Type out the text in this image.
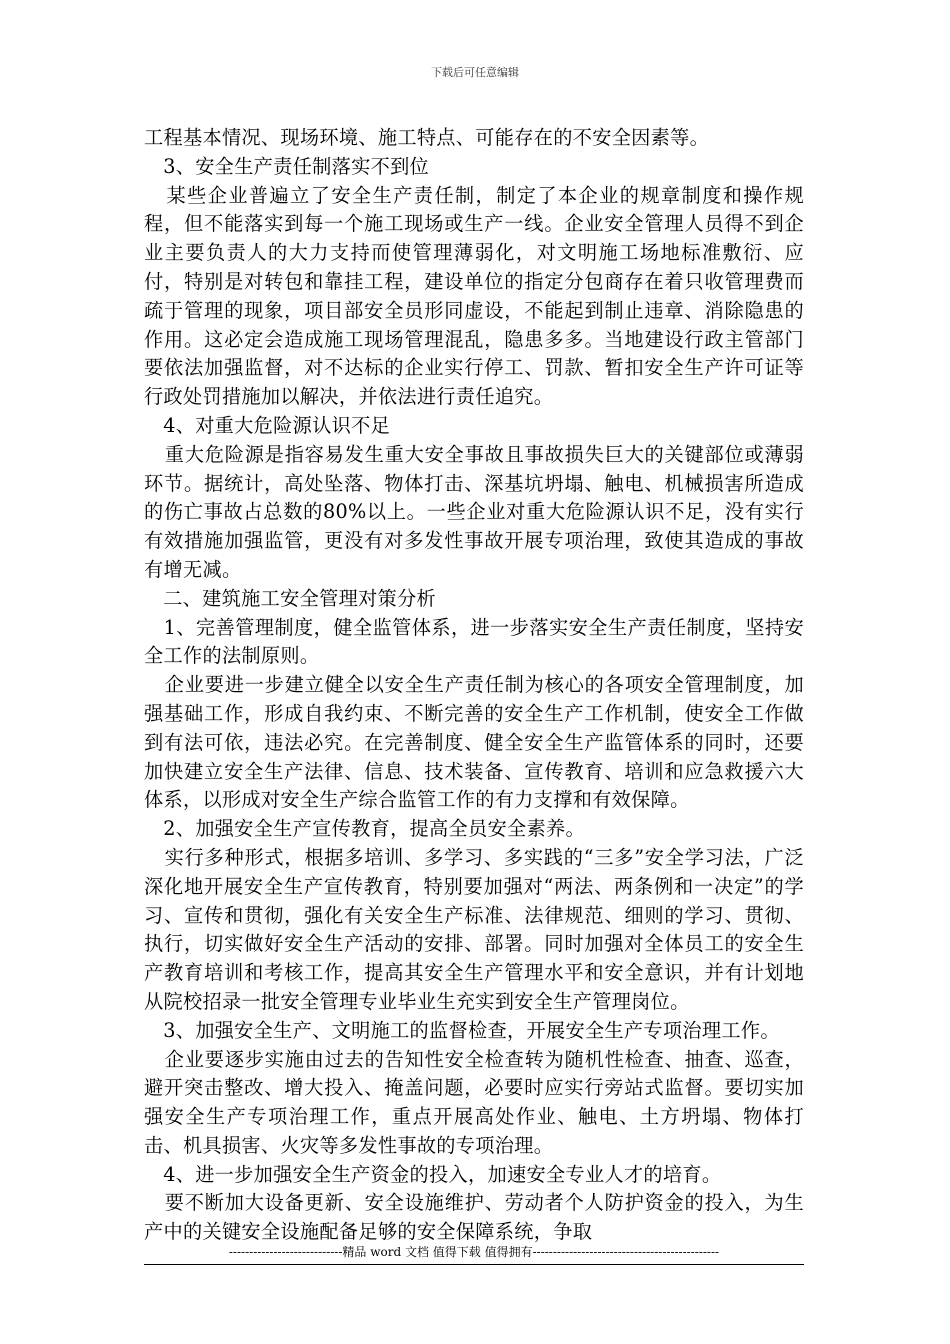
下载后可任意编辑

工程基本情况、现场环境、施工特点、可能存在的不安全因素等。

3、安全生产责任制落实不到位

某些企业普遍立了安全生产责任制，制定了本企业的规章制度和操作规程，但不能落实到每一个施工现场或生产一线。企业安全管理人员得不到企业主要负责人的大力支持而使管理薄弱化，对文明施工场地标准敷衍、应付，特别是对转包和靠挂工程，建设单位的指定分包商存在着只收管理费而疏于管理的现象，项目部安全员形同虚设，不能起到制止违章、消除隐患的作用。这必定会造成施工现场管理混乱，隐患多多。当地建设行政主管部门要依法加强监督，对不达标的企业实行停工、罚款、暂扣安全生产许可证等行政处罚措施加以解决，并依法进行责任追究。

4、对重大危险源认识不足

重大危险源是指容易发生重大安全事故且事故损失巨大的关键部位或薄弱环节。据统计，高处坠落、物体打击、深基坑坍塌、触电、机械损害所造成的伤亡事故占总数的80%以上。一些企业对重大危险源认识不足，没有实行有效措施加强监管，更没有对多发性事故开展专项治理，致使其造成的事故有增无减。

二、建筑施工安全管理对策分析

1、完善管理制度，健全监管体系，进一步落实安全生产责任制度，坚持安全工作的法制原则。

企业要进一步建立健全以安全生产责任制为核心的各项安全管理制度，加强基础工作，形成自我约束、不断完善的安全生产工作机制，使安全工作做到有法可依，违法必究。在完善制度、健全安全生产监管体系的同时，还要加快建立安全生产法律、信息、技术装备、宣传教育、培训和应急救援六大体系，以形成对安全生产综合监管工作的有力支撑和有效保障。

2、加强安全生产宣传教育，提高全员安全素养。

实行多种形式，根据多培训、多学习、多实践的“三多”安全学习法，广泛深化地开展安全生产宣传教育，特别要加强对“两法、两条例和一决定”的学习、宣传和贯彻，强化有关安全生产标准、法律规范、细则的学习、贯彻、执行，切实做好安全生产活动的安排、部署。同时加强对全体员工的安全生产教育培训和考核工作，提高其安全生产管理水平和安全意识，并有计划地从院校招录一批安全管理专业毕业生充实到安全生产管理岗位。

3、加强安全生产、文明施工的监督检查，开展安全生产专项治理工作。

企业要逐步实施由过去的告知性安全检查转为随机性检查、抽查、巡查，避开突击整改、增大投入、掩盖问题，必要时应实行旁站式监督。要切实加强安全生产专项治理工作，重点开展高处作业、触电、土方坍塌、物体打击、机具损害、火灾等多发性事故的专项治理。

4、进一步加强安全生产资金的投入，加速安全专业人才的培育。

要不断加大设备更新、安全设施维护、劳动者个人防护资金的投入，为生产中的关键安全设施配备足够的安全保障系统，争取

----------------------------精品 word 文档 值得下载 值得拥有----------------------------------------------
